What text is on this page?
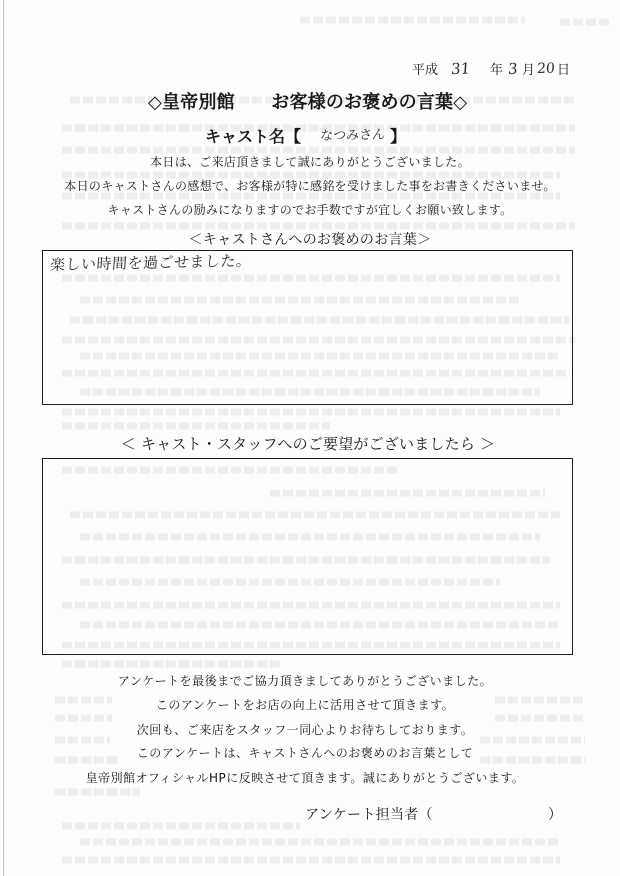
平成 31 年 3 月 20 日
◇皇帝別館　　お客様のお褒めの言葉◇
キャスト名【 なつみさん 】
本日は、ご来店頂きまして誠にありがとうございました。
本日のキャストさんの感想で、お客様が特に感銘を受けました事をお書きくださいませ。
キャストさんの励みになりますのでお手数ですが宜しくお願い致します。
＜キャストさんへのお褒めのお言葉＞
楽しい時間を過ごせました。
＜ キャスト・スタッフへのご要望がございましたら ＞
アンケートを最後までご協力頂きましてありがとうございました。
このアンケートをお店の向上に活用させて頂きます。
次回も、ご来店をスタッフ一同心よりお待ちしております。
このアンケートは、キャストさんへのお褒めのお言葉として
皇帝別館オフィシャルHPに反映させて頂きます。誠にありがとうございます。
アンケート担当者（	）
